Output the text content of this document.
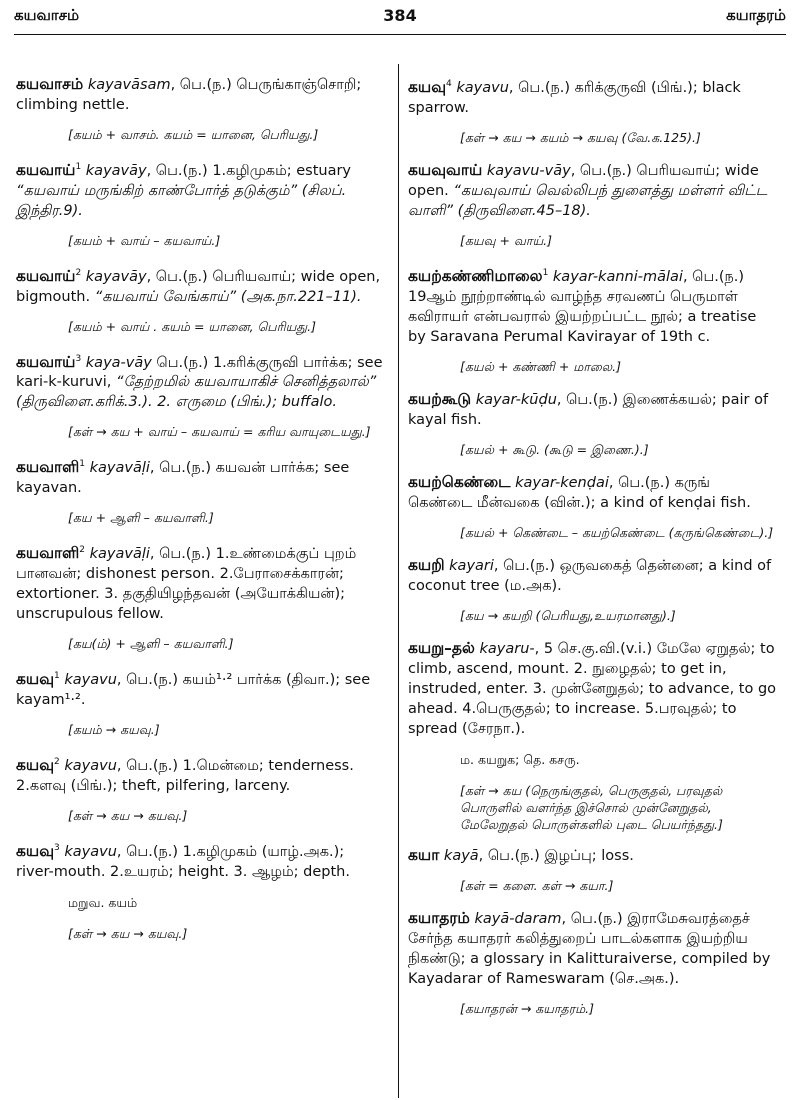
கயவாசம்	384	கயாதரம்

கயவாசம் kayavāsam, பெ.(ந.) பெருங்காஞ்சொறி; climbing nettle.

[கயம் + வாசம். கயம் = யானை, பெரியது.]

கயவாய்$^1$ kayavāy, பெ.(ந.) 1.கழிமுகம்; estuary “கயவாய் மருங்கிற் காண்போர்த் தடுக்கும்” (சிலப். இந்திர.9).

[கயம் + வாய் – கயவாய்.]

கயவாய்$^2$ kayavāy, பெ.(ந.) பெரியவாய்; wide open, bigmouth. “கயவாய் வேங்காய்” (அக.நா.221–11).

[கயம் + வாய் . கயம் = யானை, பெரியது.]

கயவாய்$^3$ kaya-vāy பெ.(ந.) 1.கரிக்குருவி பார்க்க; see kari-k-kuruvi, “தேற்றமில் கயவாயாகிச் செனித்தலால்” (திருவிளை.கரிக்.3.). 2. எருமை (பிங்.); buffalo.

[கள் → கய + வாய் – கயவாய் = கரிய வாயுடையது.]

கயவாளி$^1$ kayavāḷi, பெ.(ந.) கயவன் பார்க்க; see kayavan.

[கய + ஆளி – கயவாளி.]

கயவாளி$^2$ kayavāḷi, பெ.(ந.) 1.உண்மைக்குப் புறம் பானவன்; dishonest person. 2.பேராசைக்காரன்; extortioner. 3. தகுதியிழந்தவன் (அயோக்கியன்); unscrupulous fellow.

[கய(ம்) + ஆளி – கயவாளி.]

கயவு$^1$ kayavu, பெ.(ந.) கயம்¹·² பார்க்க (திவா.); see kayam¹·².

[கயம் → கயவு.]

கயவு$^2$ kayavu, பெ.(ந.) 1.மென்மை; tenderness. 2.களவு (பிங்.); theft, pilfering, larceny.

[கள் → கய → கயவு.]

கயவு$^3$ kayavu, பெ.(ந.) 1.கழிமுகம் (யாழ்.அக.); river-mouth. 2.உயரம்; height. 3. ஆழம்; depth.

மறுவ. கயம்

[கள் → கய → கயவு.]

கயவு$^4$ kayavu, பெ.(ந.) கரிக்குருவி (பிங்.); black sparrow.

[கள் → கய → கயம் → கயவு (வே.க.125).]

கயவுவாய் kayavu-vāy, பெ.(ந.) பெரியவாய்; wide open. “கயவுவாய் வெல்லிபந் துளைத்து மள்ளர் விட்ட வாளி” (திருவிளை.45–18).

[கயவு + வாய்.]

கயற்கண்ணிமாலை$^1$ kayar-kanni-mālai, பெ.(ந.) 19ஆம் நூற்றாண்டில் வாழ்ந்த சரவணப் பெருமாள் கவிராயர் என்பவரால் இயற்றப்பட்ட நூல்; a treatise by Saravana Perumal Kavirayar of 19th c.

[கயல் + கண்ணி + மாலை.]

கயற்கூடு kayar-kūḍu, பெ.(ந.) இணைக்கயல்; pair of kayal fish.

[கயல் + கூடு. (கூடு = இணை.).]

கயற்கெண்டை kayar-kenḍai, பெ.(ந.) கருங் கெண்டை மீன்வகை (வின்.); a kind of kenḍai fish.

[கயல் + கெண்டை – கயற்கெண்டை (கருங்கெண்டை).]

கயறி kayari, பெ.(ந.) ஒருவகைத் தென்னை; a kind of coconut tree (ம.அக).

[கய → கயறி (பெரியது,உயரமானது).]

கயறு–தல் kayaru-, 5 செ.கு.வி.(v.i.) மேலே ஏறுதல்; to climb, ascend, mount. 2. நுழைதல்; to get in, instruded, enter. 3. முன்னேறுதல்; to advance, to go ahead. 4.பெருகுதல்; to increase. 5.பரவுதல்; to spread (சேரநா.).

ம. கயறுக; தெ. கசரு.

[கள் → கய (நெருங்குதல், பெருகுதல், பரவுதல் பொருளில் வளர்ந்த இச்சொல் முன்னேறுதல், மேலேறுதல் பொருள்களில் புடை பெயர்ந்தது.]

கயா kayā, பெ.(ந.) இழப்பு; loss.

[கள் = களை. கள் → கயா.]

கயாதரம் kayā-daram, பெ.(ந.) இராமேசுவரத்தைச் சேர்ந்த கயாதரர் கலித்துறைப் பாடல்களாக இயற்றிய நிகண்டு; a glossary in Kalitturaiverse, compiled by Kayadarar of Rameswaram (செ.அக.).

[கயாதரன் → கயாதரம்.]
